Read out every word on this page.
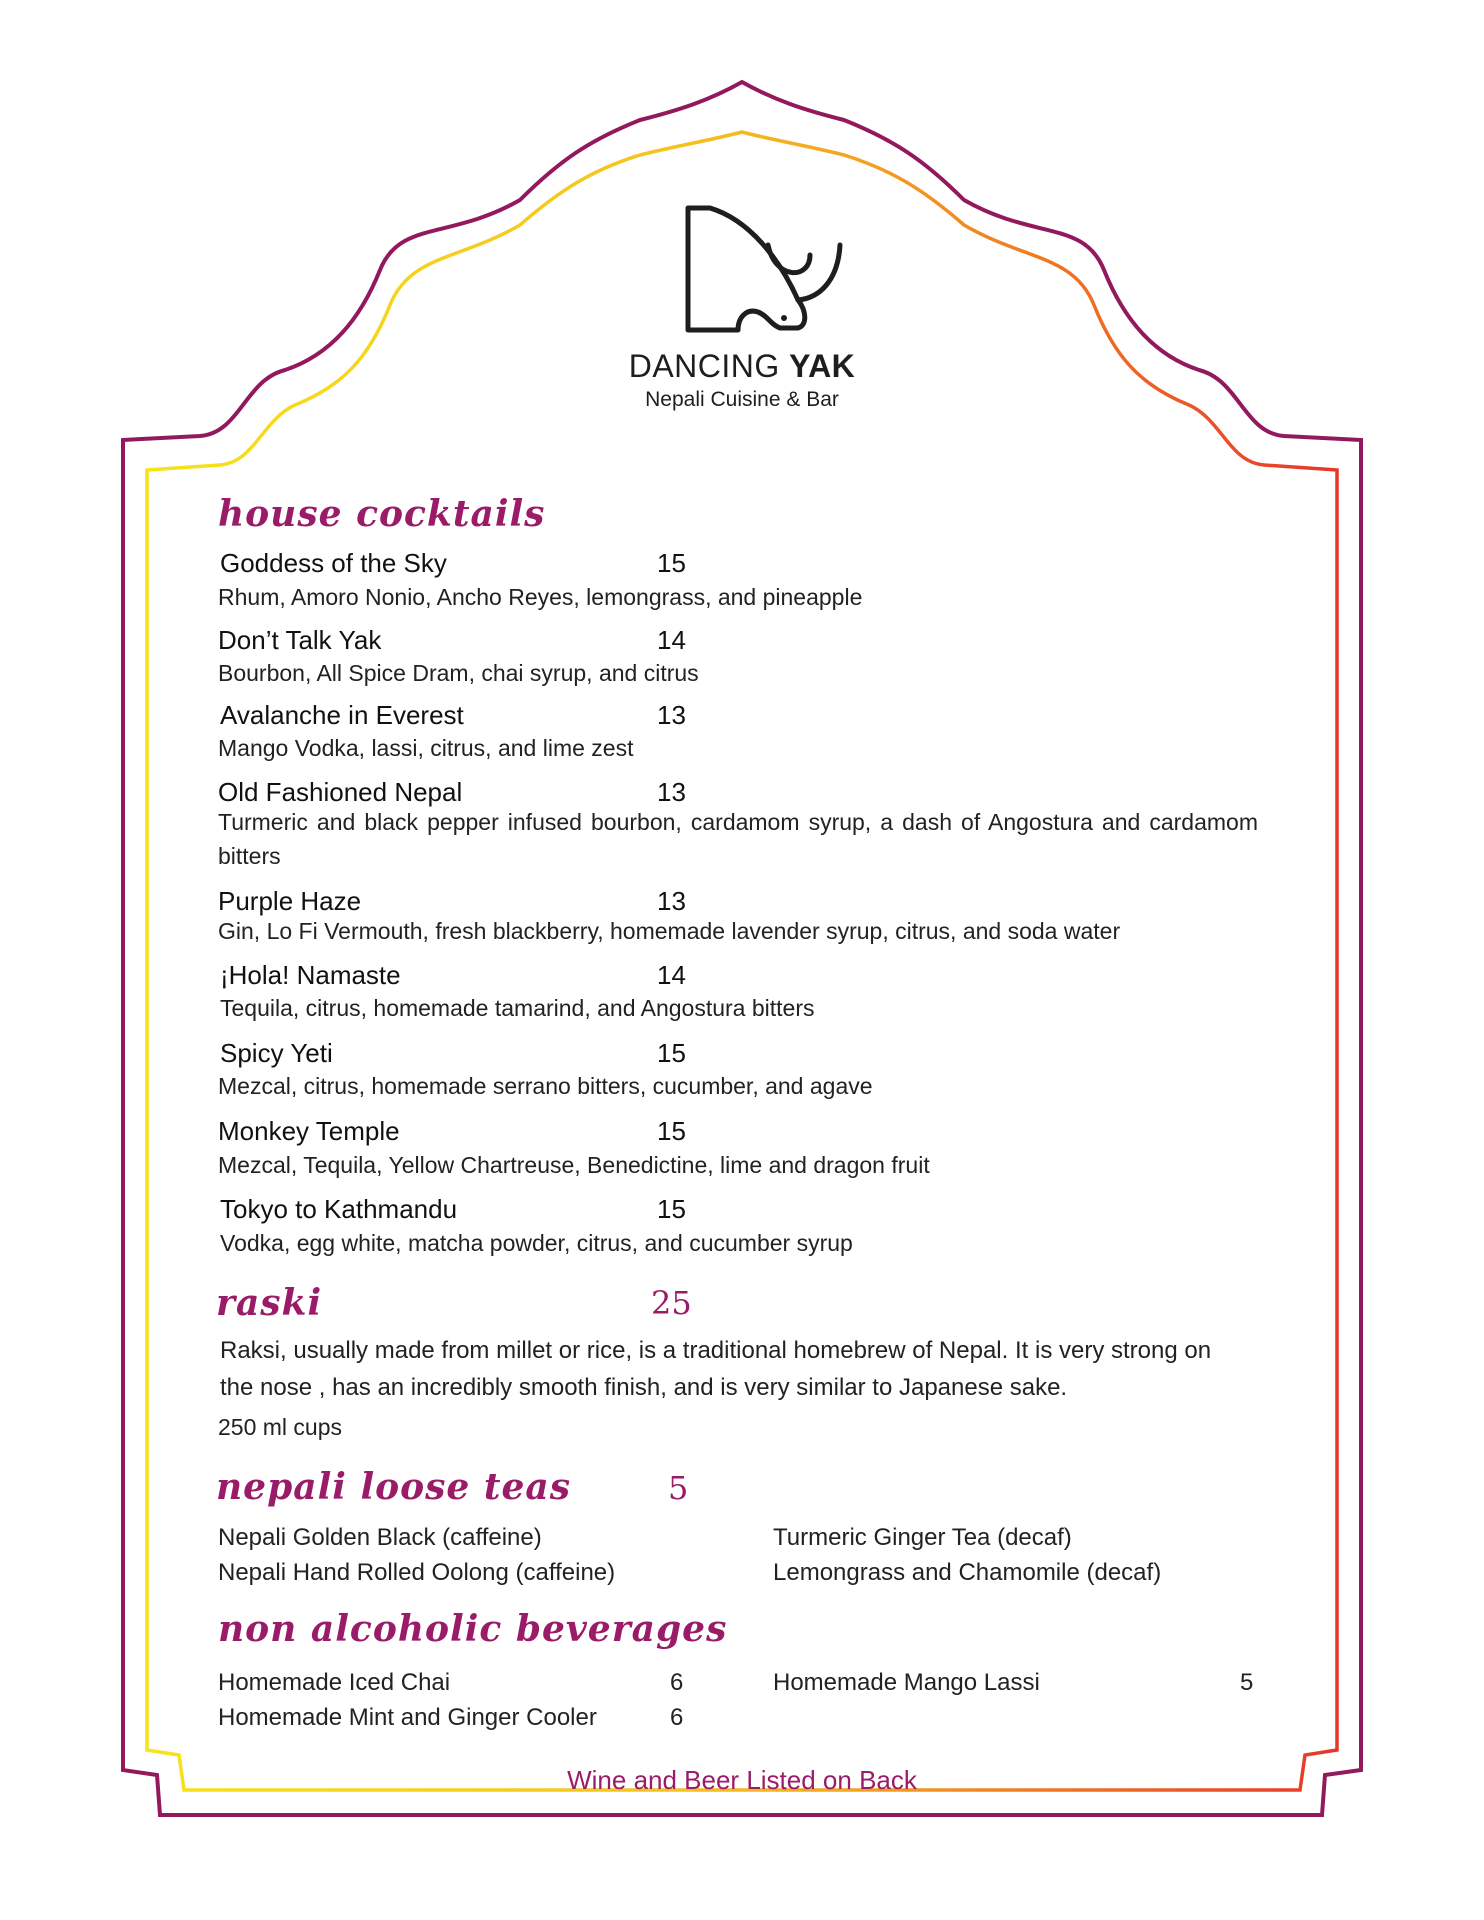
DANCING YAK
Nepali Cuisine & Bar
house cocktails
Goddess of the Sky	15
Rhum, Amoro Nonio, Ancho Reyes, lemongrass, and pineapple
Don’t Talk Yak	14
Bourbon, All Spice Dram, chai syrup, and citrus
Avalanche in Everest	13
Mango Vodka, lassi, citrus, and lime zest
Old Fashioned Nepal	13
Turmeric and black pepper infused bourbon, cardamom syrup, a dash of Angostura and cardamom bitters
Purple Haze	13
Gin, Lo Fi Vermouth, fresh blackberry, homemade lavender syrup, citrus, and soda water
¡Hola! Namaste	14
Tequila, citrus, homemade tamarind, and Angostura bitters
Spicy Yeti	15
Mezcal, citrus, homemade serrano bitters, cucumber, and agave
Monkey Temple	15
Mezcal, Tequila, Yellow Chartreuse, Benedictine, lime and dragon fruit
Tokyo to Kathmandu	15
Vodka, egg white, matcha powder, citrus, and cucumber syrup
raski	25
Raksi, usually made from millet or rice, is a traditional homebrew of Nepal. It is very strong on
the nose , has an incredibly smooth finish, and is very similar to Japanese sake.
250 ml cups
nepali loose teas	5
Nepali Golden Black (caffeine)
Nepali Hand Rolled Oolong (caffeine)
Turmeric Ginger Tea (decaf)
Lemongrass and Chamomile (decaf)
non alcoholic beverages
Homemade Iced Chai	6
Homemade Mint and Ginger Cooler	6
Homemade Mango Lassi	5
Wine and Beer Listed on Back
